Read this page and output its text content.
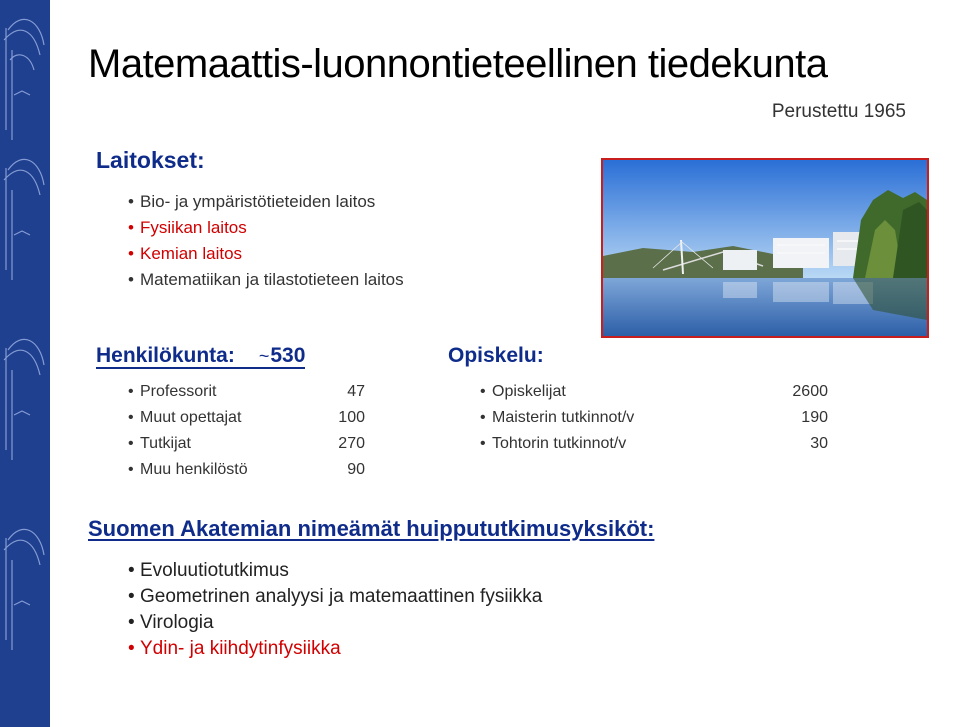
Matemaattis-luonnontieteellinen tiedekunta
Perustettu 1965
Laitokset:
• Bio- ja ympäristötieteiden laitos
• Fysiikan laitos
• Kemian laitos
• Matematiikan ja tilastotieteen laitos
Henkilökunta: ~530
• Professorit	47
• Muut opettajat	100
• Tutkijat	270
• Muu henkilöstö	90
Opiskelu:
• Opiskelijat	2600
• Maisterin tutkinnot/v	190
• Tohtorin tutkinnot/v	30
Suomen Akatemian nimeämät huippututkimusyksiköt:
• Evoluutiotutkimus
• Geometrinen analyysi ja matemaattinen fysiikka
• Virologia
• Ydin- ja kiihdytinfysiikka
